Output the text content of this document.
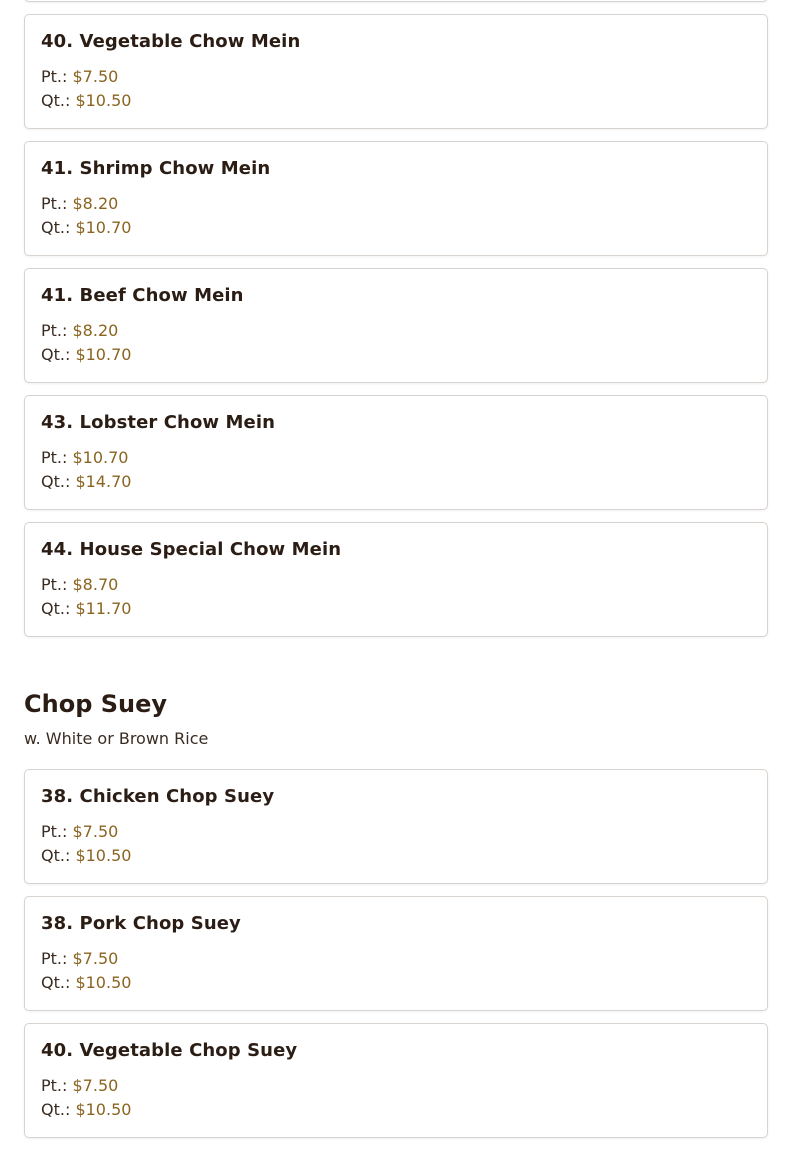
40. Vegetable Chow Mein
Pt.: $7.50
Qt.: $10.50
41. Shrimp Chow Mein
Pt.: $8.20
Qt.: $10.70
41. Beef Chow Mein
Pt.: $8.20
Qt.: $10.70
43. Lobster Chow Mein
Pt.: $10.70
Qt.: $14.70
44. House Special Chow Mein
Pt.: $8.70
Qt.: $11.70
Chop Suey
w. White or Brown Rice
38. Chicken Chop Suey
Pt.: $7.50
Qt.: $10.50
38. Pork Chop Suey
Pt.: $7.50
Qt.: $10.50
40. Vegetable Chop Suey
Pt.: $7.50
Qt.: $10.50
